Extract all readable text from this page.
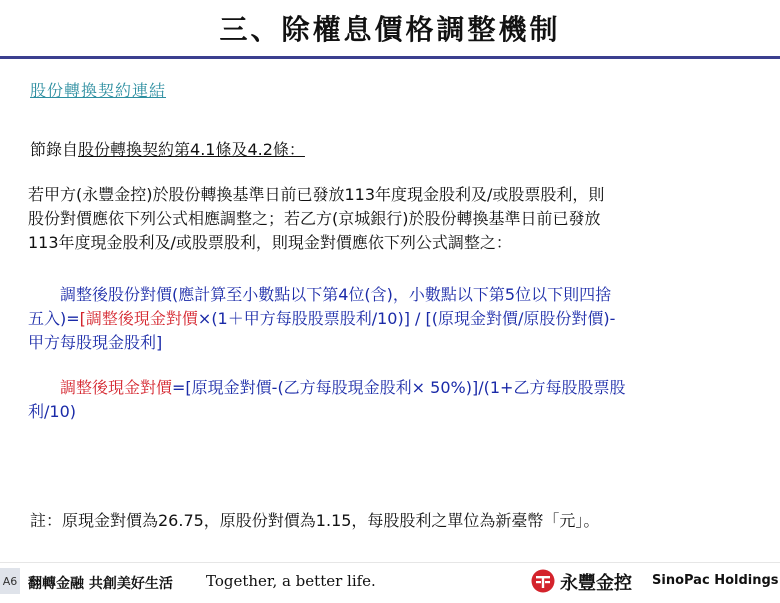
三、除權息價格調整機制
股份轉換契約連結
節錄自股份轉換契約第4.1條及4.2條：
若甲方(永豐金控)於股份轉換基準日前已發放113年度現金股利及/或股票股利，則
股份對價應依下列公式相應調整之；若乙方(京城銀行)於股份轉換基準日前已發放
113年度現金股利及/或股票股利，則現金對價應依下列公式調整之：
調整後股份對價(應計算至小數點以下第4位(含)，小數點以下第5位以下則四捨
五入)=[調整後現金對價×(1＋甲方每股股票股利/10)] / [(原現金對價/原股份對價)-
甲方每股現金股利]
調整後現金對價=[原現金對價-(乙方每股現金股利× 50%)]/(1+乙方每股股票股
利/10)
註：原現金對價為26.75，原股份對價為1.15，每股股利之單位為新臺幣「元」。
A6 翻轉金融 共創美好生活 Together, a better life.	永豐金控 SinoPac Holdings
